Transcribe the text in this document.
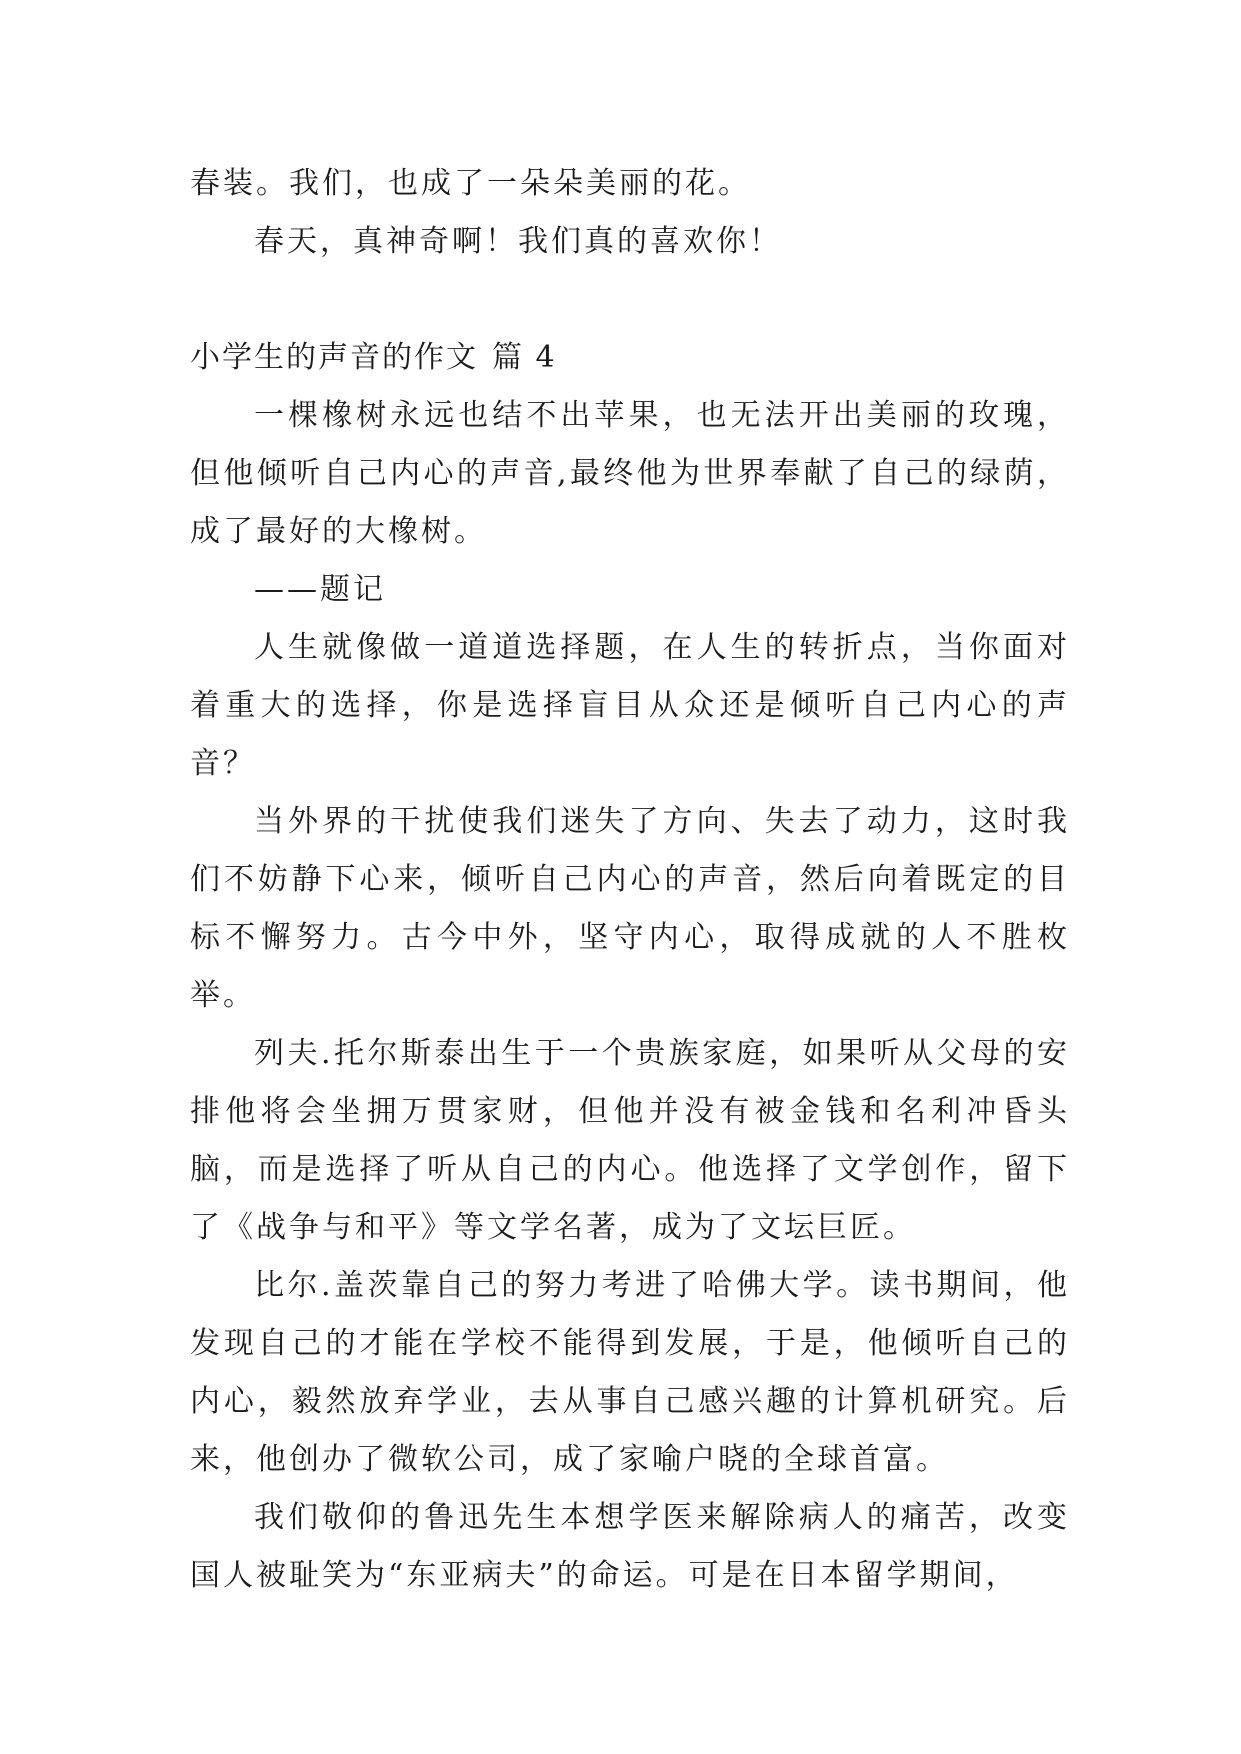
春装。我们，也成了一朵朵美丽的花。

春天，真神奇啊！我们真的喜欢你！

小学生的声音的作文 篇 4

一棵橡树永远也结不出苹果，也无法开出美丽的玫瑰，但他倾听自己内心的声音,最终他为世界奉献了自己的绿荫，成了最好的大橡树。

——题记

人生就像做一道道选择题，在人生的转折点，当你面对着重大的选择，你是选择盲目从众还是倾听自己内心的声音？

当外界的干扰使我们迷失了方向、失去了动力，这时我们不妨静下心来，倾听自己内心的声音，然后向着既定的目标不懈努力。古今中外，坚守内心，取得成就的人不胜枚举。

列夫.托尔斯泰出生于一个贵族家庭，如果听从父母的安排他将会坐拥万贯家财，但他并没有被金钱和名利冲昏头脑，而是选择了听从自己的内心。他选择了文学创作，留下了《战争与和平》等文学名著，成为了文坛巨匠。

比尔.盖茨靠自己的努力考进了哈佛大学。读书期间，他发现自己的才能在学校不能得到发展，于是，他倾听自己的内心，毅然放弃学业，去从事自己感兴趣的计算机研究。后来，他创办了微软公司，成了家喻户晓的全球首富。

我们敬仰的鲁迅先生本想学医来解除病人的痛苦，改变国人被耻笑为“东亚病夫”的命运。可是在日本留学期间，
